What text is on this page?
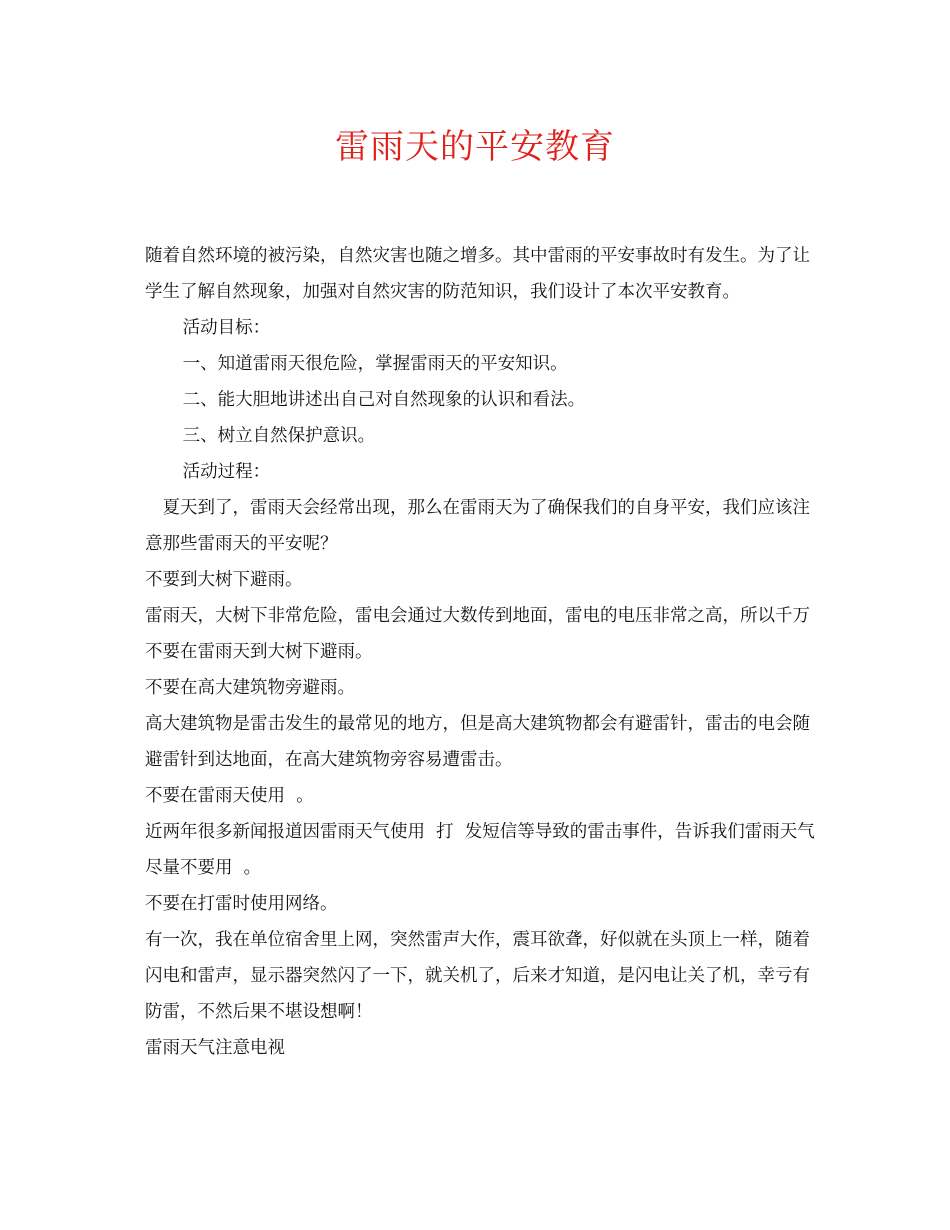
雷雨天的平安教育

随着自然环境的被污染，自然灾害也随之增多。其中雷雨的平安事故时有发生。为了让学生了解自然现象，加强对自然灾害的防范知识，我们设计了本次平安教育。

活动目标：

一、知道雷雨天很危险，掌握雷雨天的平安知识。

二、能大胆地讲述出自己对自然现象的认识和看法。

三、树立自然保护意识。

活动过程：

夏天到了，雷雨天会经常出现，那么在雷雨天为了确保我们的自身平安，我们应该注意那些雷雨天的平安呢？

不要到大树下避雨。

雷雨天，大树下非常危险，雷电会通过大数传到地面，雷电的电压非常之高，所以千万不要在雷雨天到大树下避雨。

不要在高大建筑物旁避雨。

高大建筑物是雷击发生的最常见的地方，但是高大建筑物都会有避雷针，雷击的电会随避雷针到达地面，在高大建筑物旁容易遭雷击。

不要在雷雨天使用  。

近两年很多新闻报道因雷雨天气使用  打  发短信等导致的雷击事件，告诉我们雷雨天气尽量不要用  。

不要在打雷时使用网络。

有一次，我在单位宿舍里上网，突然雷声大作，震耳欲聋，好似就在头顶上一样，随着闪电和雷声，显示器突然闪了一下，就关机了，后来才知道，是闪电让关了机，幸亏有防雷，不然后果不堪设想啊！

雷雨天气注意电视
